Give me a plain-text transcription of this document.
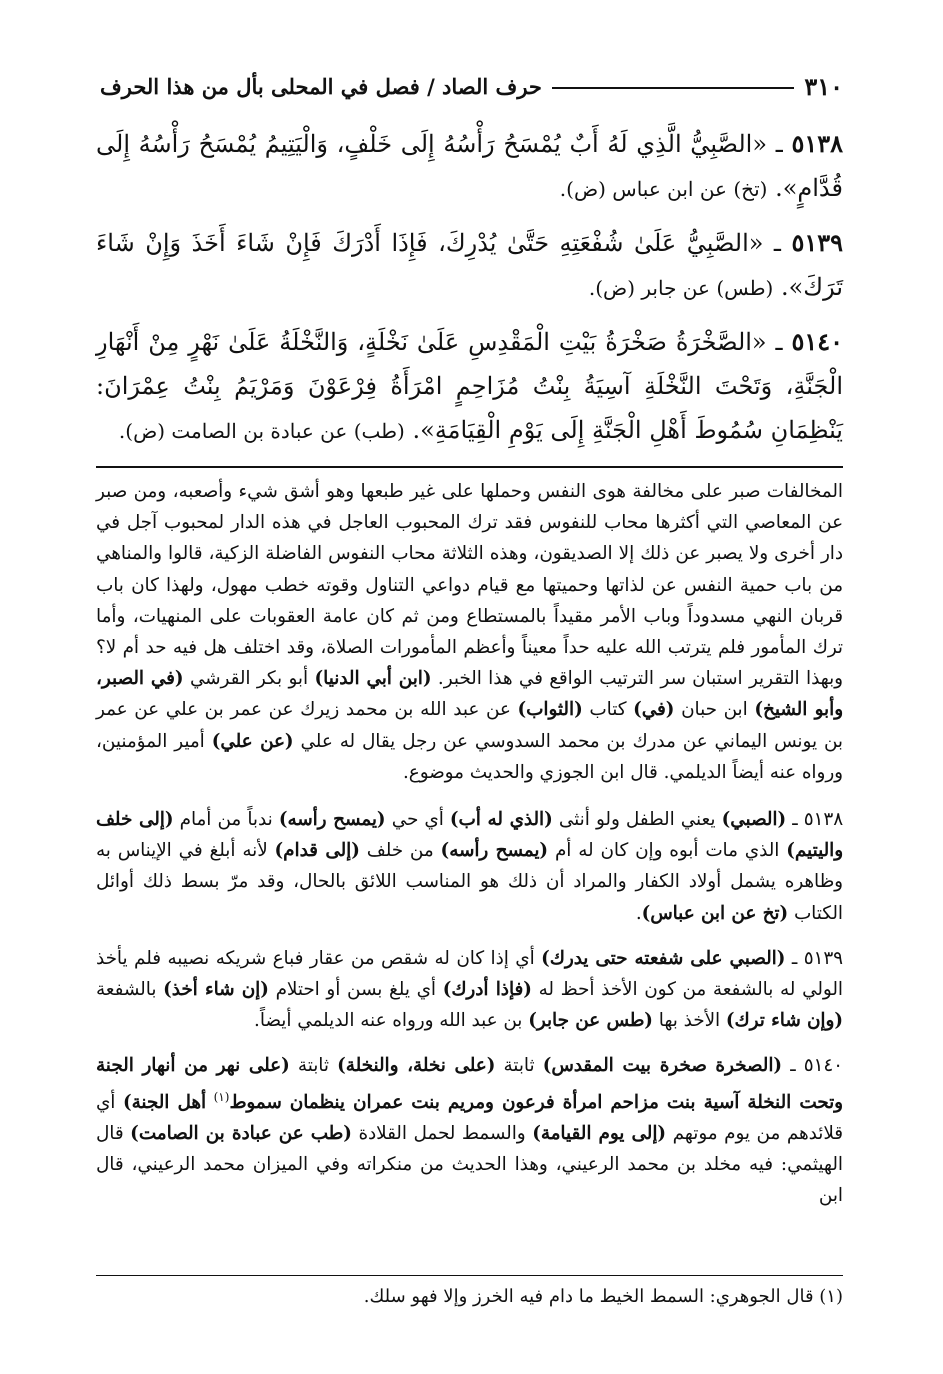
٣١٠
حرف الصاد / فصل في المحلى بأل من هذا الحرف

٥١٣٨ ـ «الصَّبِيُّ الَّذِي لَهُ أَبٌ يُمْسَحُ رَأْسُهُ إِلَى خَلْفٍ، وَالْيَتِيمُ يُمْسَحُ رَأْسُهُ إِلَى قُدَّامٍ». (تخ) عن ابن عباس (ض).

٥١٣٩ ـ «الصَّبِيُّ عَلَىٰ شُفْعَتِهِ حَتَّىٰ يُدْرِكَ، فَإِذَا أَدْرَكَ فَإِنْ شَاءَ أَخَذَ وَإِنْ شَاءَ تَرَكَ». (طس) عن جابر (ض).

٥١٤٠ ـ «الصَّخْرَةُ صَخْرَةُ بَيْتِ الْمَقْدِسِ عَلَىٰ نَخْلَةٍ، وَالنَّخْلَةُ عَلَىٰ نَهْرٍ مِنْ أَنْهَارِ الْجَنَّةِ، وَتَحْتَ النَّخْلَةِ آسِيَةُ بِنْتُ مُزَاحِمٍ امْرَأَةُ فِرْعَوْنَ وَمَرْيَمُ بِنْتُ عِمْرَانَ: يَنْظِمَانِ سُمُوطَ أَهْلِ الْجَنَّةِ إِلَى يَوْمِ الْقِيَامَةِ». (طب) عن عبادة بن الصامت (ض).

المخالفات صبر على مخالفة هوى النفس وحملها على غير طبعها وهو أشق شيء وأصعبه، ومن صبر عن المعاصي التي أكثرها محاب للنفوس فقد ترك المحبوب العاجل في هذه الدار لمحبوب آجل في دار أخرى ولا يصبر عن ذلك إلا الصديقون، وهذه الثلاثة محاب النفوس الفاضلة الزكية، قالوا والمناهي من باب حمية النفس عن لذاتها وحميتها مع قيام دواعي التناول وقوته خطب مهول، ولهذا كان باب قربان النهي مسدوداً وباب الأمر مقيداً بالمستطاع ومن ثم كان عامة العقوبات على المنهيات، وأما ترك المأمور فلم يترتب الله عليه حداً معيناً وأعظم المأمورات الصلاة، وقد اختلف هل فيه حد أم لا؟ وبهذا التقرير استبان سر الترتيب الواقع في هذا الخبر. (ابن أبي الدنيا) أبو بكر القرشي (في الصبر، وأبو الشيخ) ابن حبان (في) كتاب (الثواب) عن عبد الله بن محمد زيرك عن عمر بن علي عن عمر بن يونس اليماني عن مدرك بن محمد السدوسي عن رجل يقال له علي (عن علي) أمير المؤمنين، ورواه عنه أيضاً الديلمي. قال ابن الجوزي والحديث موضوع.

٥١٣٨ ـ (الصبي) يعني الطفل ولو أنثى (الذي له أب) أي حي (يمسح رأسه) ندباً من أمام (إلى خلف واليتيم) الذي مات أبوه وإن كان له أم (يمسح رأسه) من خلف (إلى قدام) لأنه أبلغ في الإيناس به وظاهره يشمل أولاد الكفار والمراد أن ذلك هو المناسب اللائق بالحال، وقد مرّ بسط ذلك أوائل الكتاب (تخ عن ابن عباس).

٥١٣٩ ـ (الصبي على شفعته حتى يدرك) أي إذا كان له شقص من عقار فباع شريكه نصيبه فلم يأخذ الولي له بالشفعة من كون الأخذ أحظ له (فإذا أدرك) أي يلغ بسن أو احتلام (إن شاء أخذ) بالشفعة (وإن شاء ترك) الأخذ بها (طس عن جابر) بن عبد الله ورواه عنه الديلمي أيضاً.

٥١٤٠ ـ (الصخرة صخرة بيت المقدس) ثابتة (على نخلة، والنخلة) ثابتة (على نهر من أنهار الجنة وتحت النخلة آسية بنت مزاحم امرأة فرعون ومريم بنت عمران ينظمان سموط$^{(١)}$ أهل الجنة) أي قلائدهم من يوم موتهم (إلى يوم القيامة) والسمط لحمل القلادة (طب عن عبادة بن الصامت) قال الهيثمي: فيه مخلد بن محمد الرعيني، وهذا الحديث من منكراته وفي الميزان محمد الرعيني، قال ابن

(١) قال الجوهري: السمط الخيط ما دام فيه الخرز وإلا فهو سلك.
